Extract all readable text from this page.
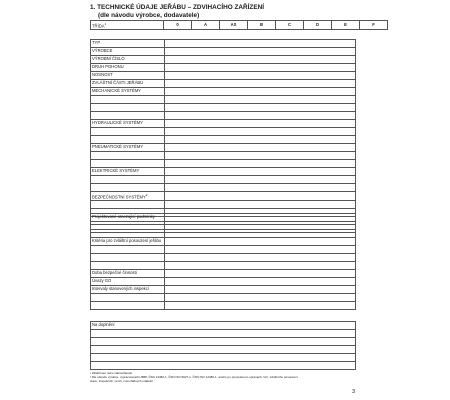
1. TECHNICKÉ ÚDAJE JEŘÁBU – ZDVIHACÍHO ZAŘÍZENÍ
(dle návodu výrobce, dodavatele)
TŘÍDA$^1$	0	A	AS	B	C	D	E	F
TYP	
VÝROBCE	
VÝROBNÍ ČÍSLO	
DRUH POHONU	
NOSNOST	
ZVLÁŠTNÍ ČÁSTI JEŘÁBU	
MECHANICKÉ SYSTÉMY	

HYDRAULICKÉ SYSTÉMY	

PNEUMATICKÉ SYSTÉMY	

ELEKTRICKÉ SYSTÉMY	

BEZPEČNOSTNÍ SYSTÉMY$^2$	

Projektované omezující podmínky	

Kritéria pro zvláštní posouzení jeřábu	

Doba bezpečné činnosti	
Úvazy GO	
Intervaly stanovených inspekcí	

Na doplnění

¹ Zaškrtnout nebo zakroužkovat
² Dle návodu výrobce, vypracovaného BBP, ČSN 13482-1, ČSN ISO 9927-1, ČSN ISO 12480-1, anebo po provedeném opravách, GO, zvláštního posouzení
stavu, inspekcích, revizí, mimořádných událostí
3
